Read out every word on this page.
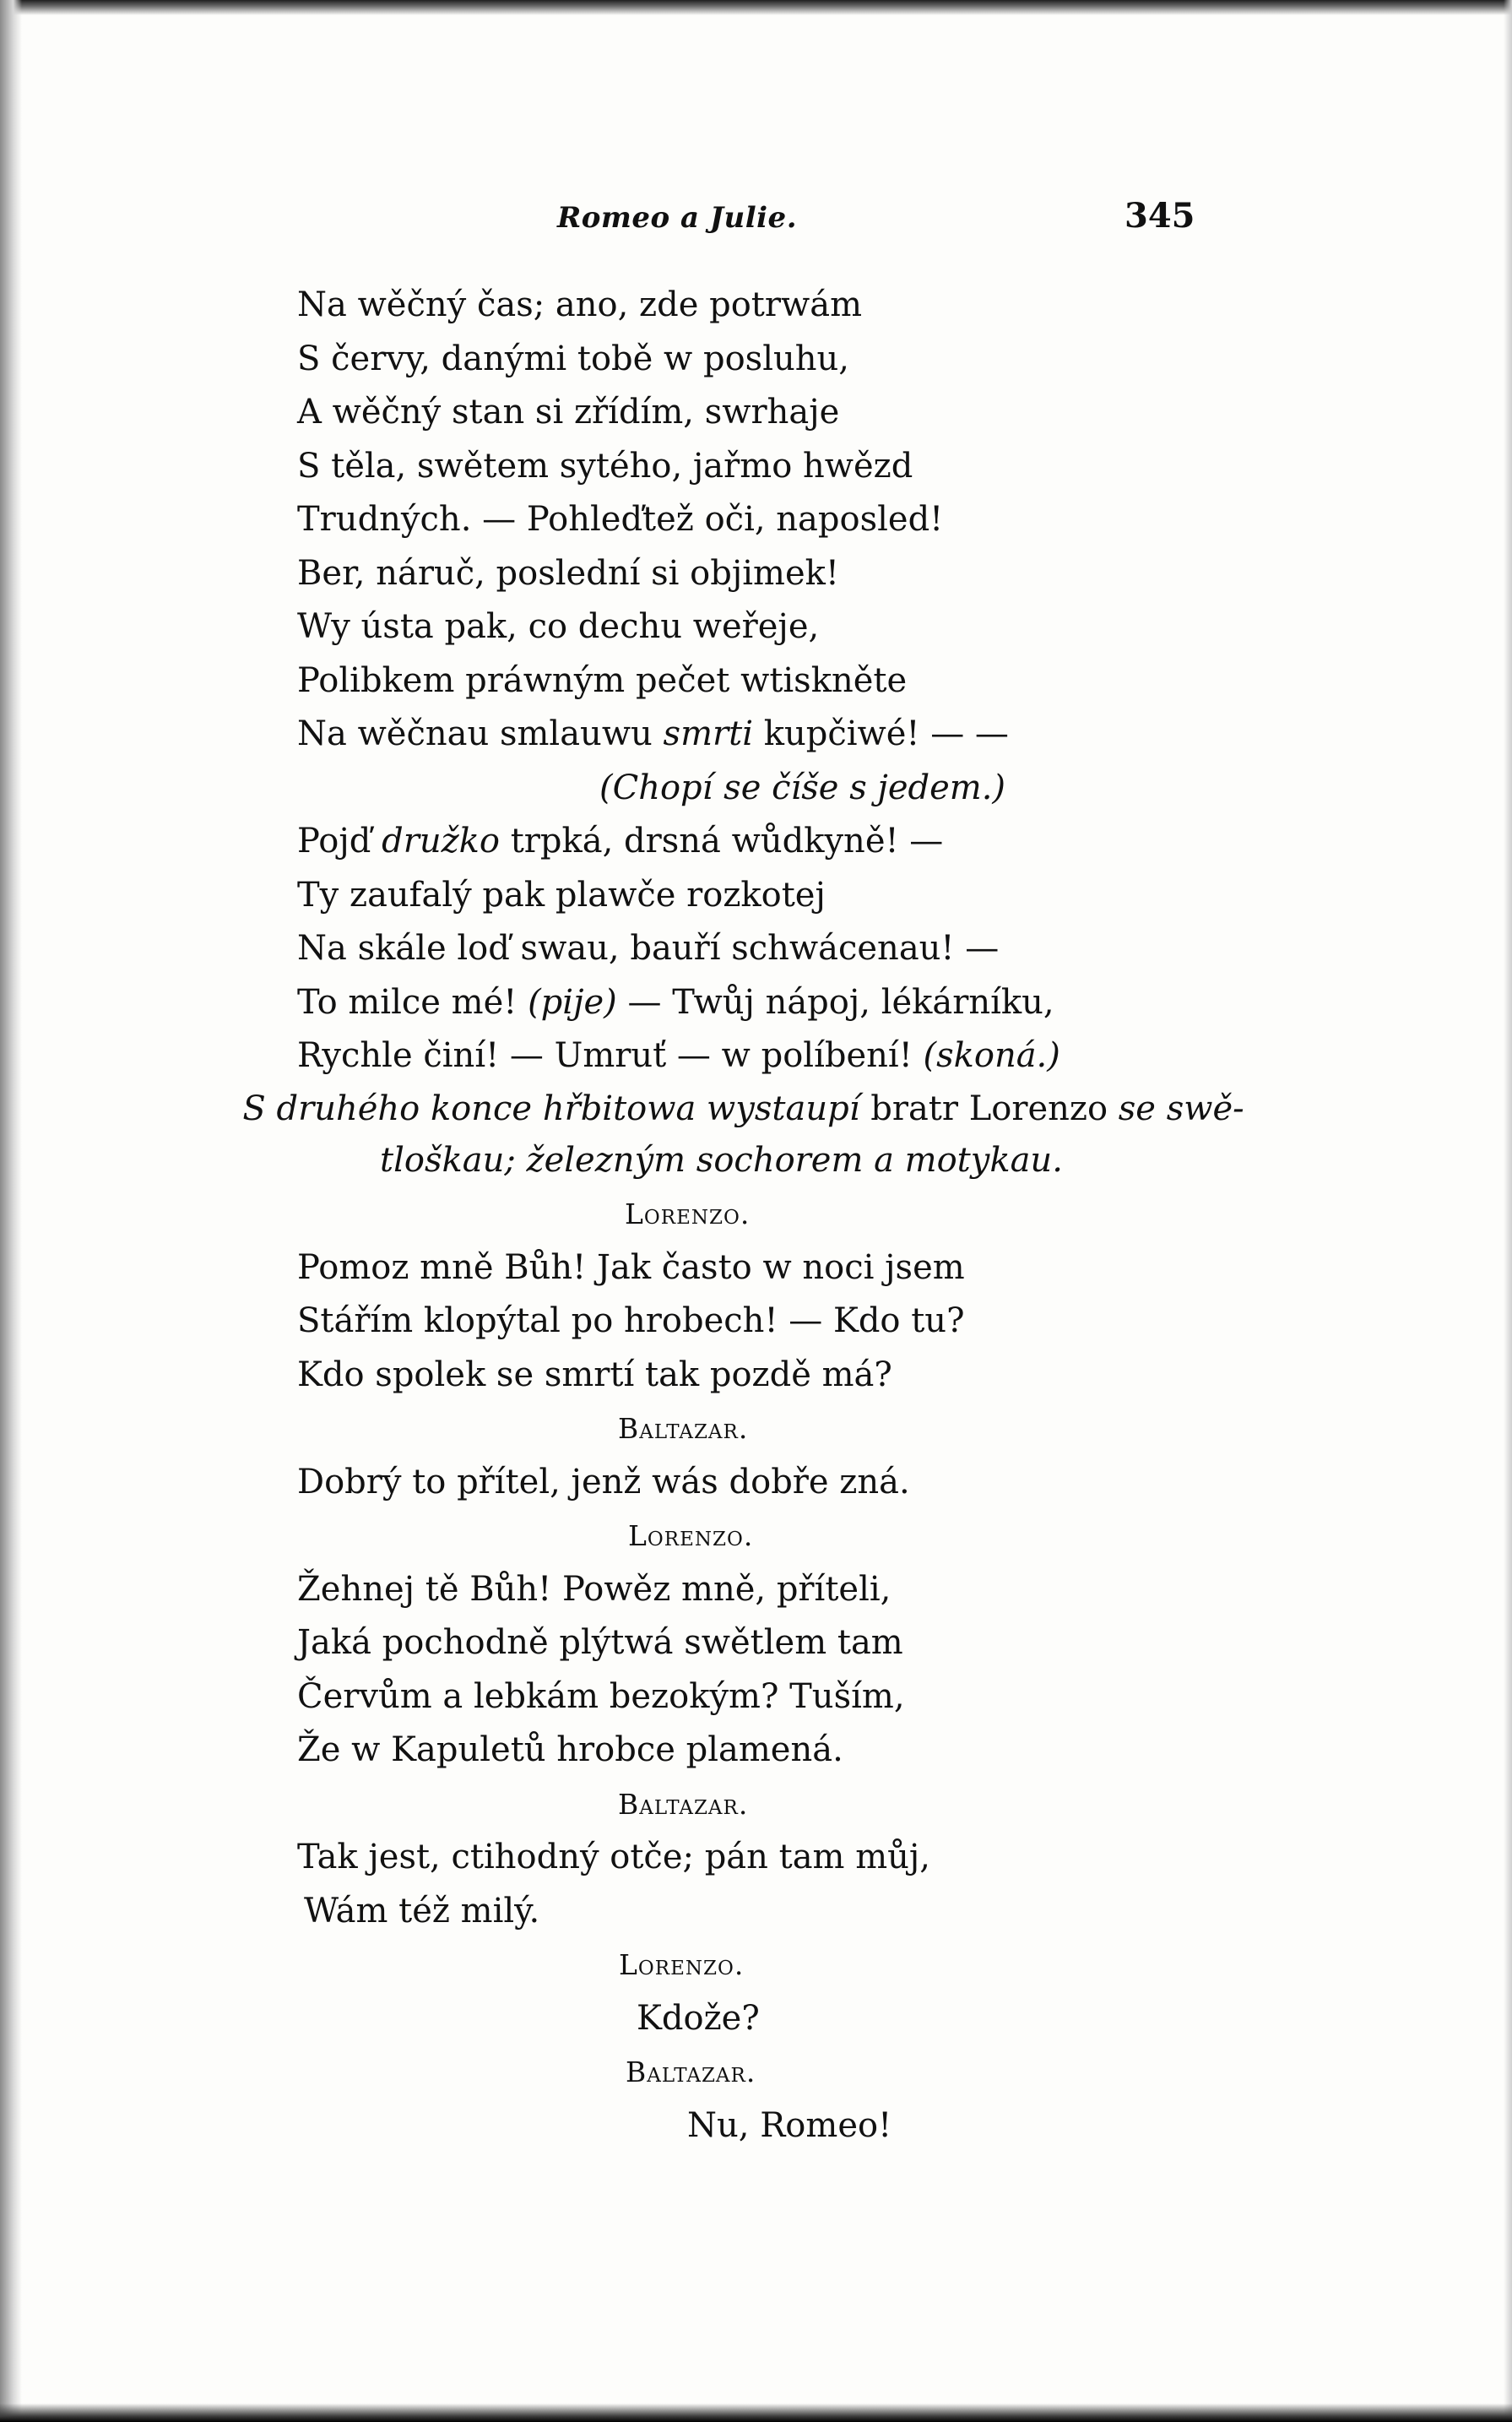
Romeo a Julie.	345

Na wěčný čas; ano, zde potrwám

S červy, danými tobě w posluhu,

A wěčný stan si zřídím, swrhaje

S těla, swětem sytého, jařmo hwězd

Trudných. — Pohleďtež oči, naposled!

Ber, náruč, poslední si objimek!

Wy ústa pak, co dechu weřeje,

Polibkem práwným pečet wtiskněte

Na wěčnau smlauwu smrti kupčiwé! — —

(Chopí se číše s jedem.)

Pojď družko trpká, drsná wůdkyně! —

Ty zaufalý pak plawče rozkotej

Na skále loď swau, bauří schwácenau! —

To milce mé! (pije) — Twůj nápoj, lékárníku,

Rychle činí! — Umruť — w políbení! (skoná.)

S druhého konce hřbitowa wystaupí bratr Lorenzo se swě-

tloškau; železným sochorem a motykau.

Lorenzo.

Pomoz mně Bůh! Jak často w noci jsem

Stářím klopýtal po hrobech! — Kdo tu?

Kdo spolek se smrtí tak pozdě má?

Baltazar.

Dobrý to přítel, jenž wás dobře zná.

Lorenzo.

Žehnej tě Bůh! Powěz mně, příteli,

Jaká pochodně plýtwá swětlem tam

Červům a lebkám bezokým? Tuším,

Že w Kapuletů hrobce plamená.

Baltazar.

Tak jest, ctihodný otče; pán tam můj,

Wám též milý.

Lorenzo.

Kdože?

Baltazar.

Nu, Romeo!
